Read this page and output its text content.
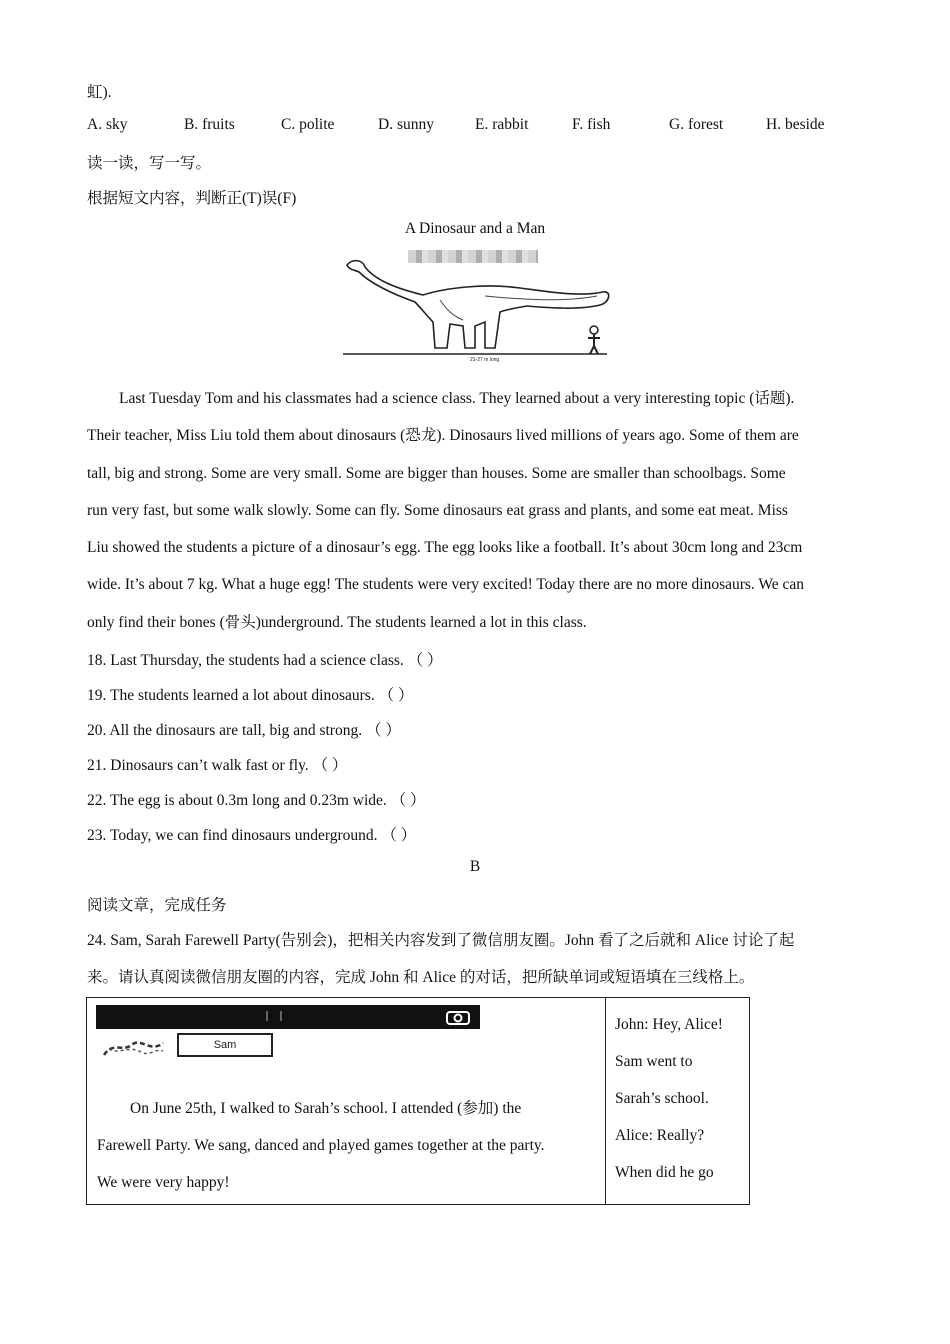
虹).
A. sky	B. fruits	C. polite	D. sunny	E. rabbit	F. fish	G. forest	H. beside
读一读，写一写。
根据短文内容，判断正(T)误(F)
A Dinosaur and a Man
21-27 m long
Last Tuesday Tom and his classmates had a science class. They learned about a very interesting topic (话题).
Their teacher, Miss Liu told them about dinosaurs (恐龙). Dinosaurs lived millions of years ago. Some of them are
tall, big and strong. Some are very small. Some are bigger than houses. Some are smaller than schoolbags. Some
run very fast, but some walk slowly. Some can fly. Some dinosaurs eat grass and plants, and some eat meat. Miss
Liu showed the students a picture of a dinosaur’s egg. The egg looks like a football. It’s about 30cm long and 23cm
wide. It’s about 7 kg. What a huge egg! The students were very excited! Today there are no more dinosaurs. We can
only find their bones (骨头)underground. The students learned a lot in this class.
18. Last Thursday, the students had a science class. （ ）
19. The students learned a lot about dinosaurs. （ ）
20. All the dinosaurs are tall, big and strong. （ ）
21. Dinosaurs can’t walk fast or fly. （ ）
22. The egg is about 0.3m long and 0.23m wide. （ ）
23. Today, we can find dinosaurs underground. （ ）
B
阅读文章，完成任务
24. Sam, Sarah Farewell Party(告别会)，把相关内容发到了微信朋友圈。John 看了之后就和 Alice 讨论了起
来。请认真阅读微信朋友圈的内容，完成 John 和 Alice 的对话，把所缺单词或短语填在三线格上。
Sam
On June 25th, I walked to Sarah’s school. I attended (参加) the
Farewell Party. We sang, danced and played games together at the party.
We were very happy!

John: Hey, Alice!
Sam went to
Sarah’s school.
Alice: Really?
When did he go
